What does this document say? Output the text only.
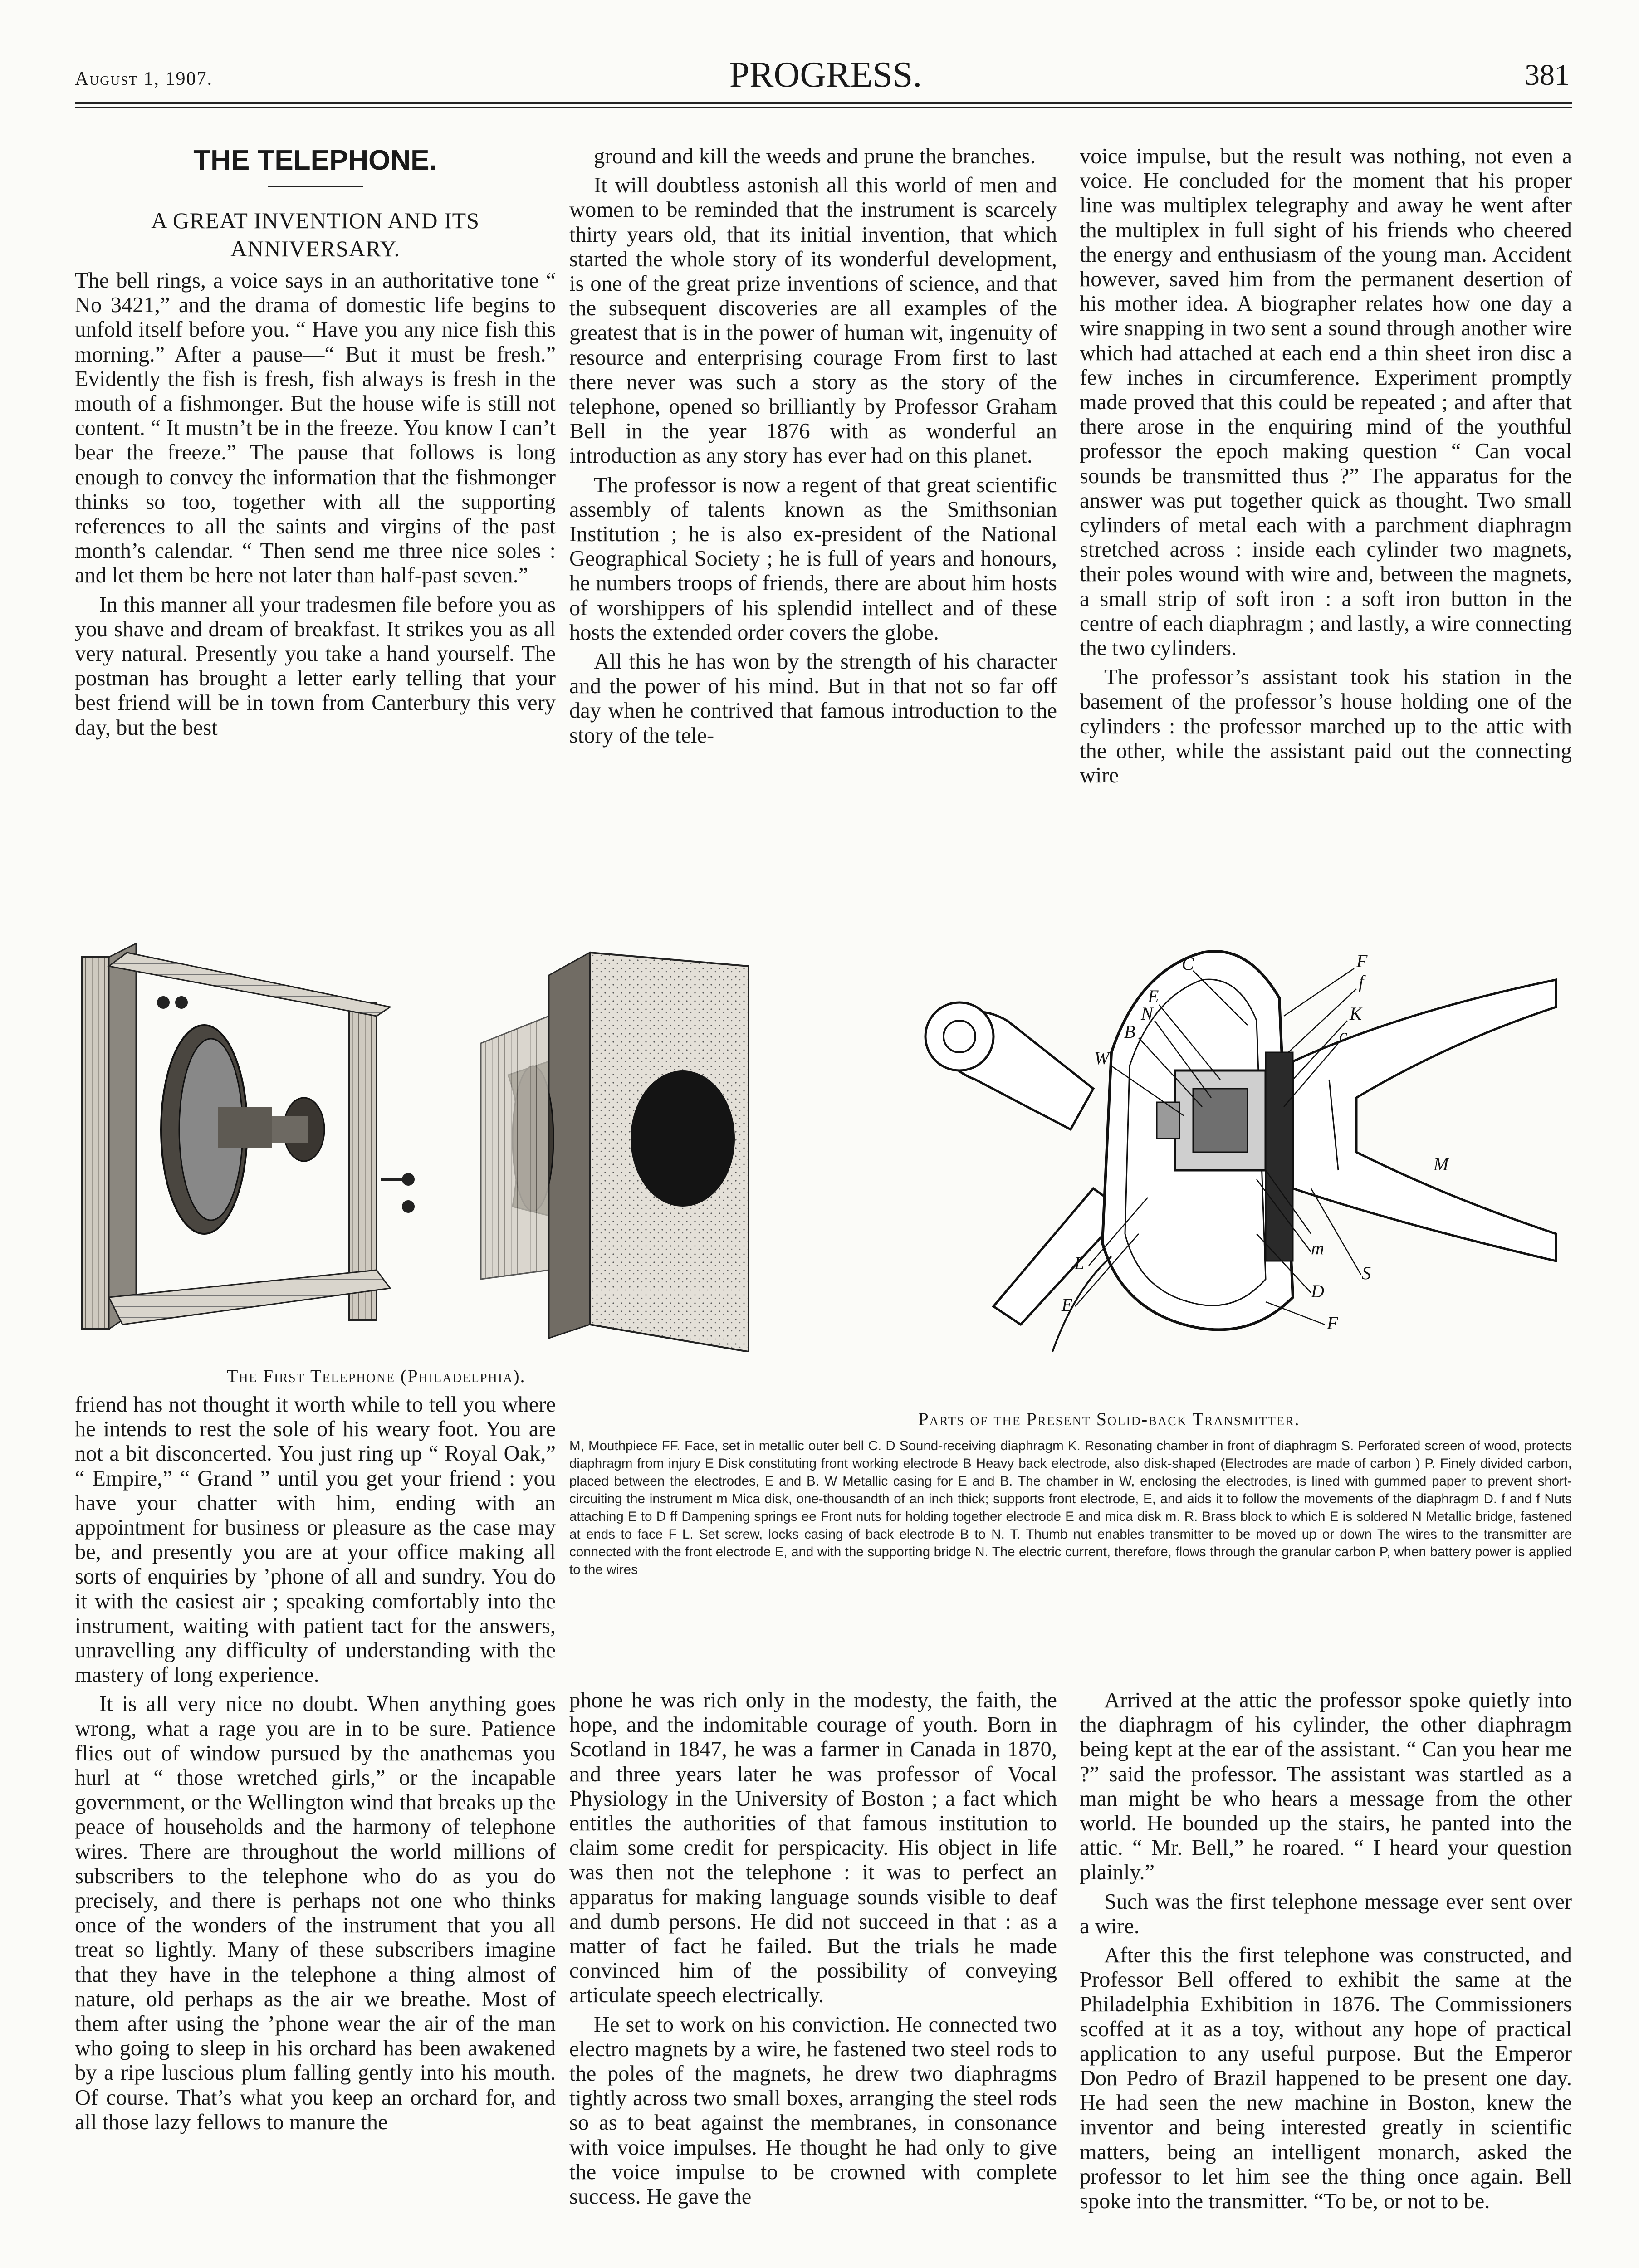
August 1, 1907.	PROGRESS.	381
THE TELEPHONE.
A GREAT INVENTION AND ITS ANNIVERSARY.

The bell rings, a voice says in an authoritative tone “ No 3421,” and the drama of domestic life begins to unfold itself before you. “ Have you any nice fish this morning.” After a pause—“ But it must be fresh.” Evidently the fish is fresh, fish always is fresh in the mouth of a fishmonger. But the house wife is still not content. “ It mustn’t be in the freeze. You know I can’t bear the freeze.” The pause that follows is long enough to convey the information that the fishmonger thinks so too, together with all the supporting references to all the saints and virgins of the past month’s calendar. “ Then send me three nice soles : and let them be here not later than half-past seven.”

In this manner all your tradesmen file before you as you shave and dream of breakfast. It strikes you as all very natural. Presently you take a hand yourself. The postman has brought a letter early telling that your best friend will be in town from Canterbury this very day, but the best

ground and kill the weeds and prune the branches.

It will doubtless astonish all this world of men and women to be reminded that the instrument is scarcely thirty years old, that its initial invention, that which started the whole story of its wonderful development, is one of the great prize inventions of science, and that the subsequent discoveries are all examples of the greatest that is in the power of human wit, ingenuity of resource and enterprising courage From first to last there never was such a story as the story of the telephone, opened so brilliantly by Professor Graham Bell in the year 1876 with as wonderful an introduction as any story has ever had on this planet.

The professor is now a regent of that great scientific assembly of talents known as the Smithsonian Institution ; he is also ex-president of the National Geographical Society ; he is full of years and honours, he numbers troops of friends, there are about him hosts of worshippers of his splendid intellect and of these hosts the extended order covers the globe.

All this he has won by the strength of his character and the power of his mind. But in that not so far off day when he contrived that famous introduction to the story of the tele-

voice impulse, but the result was nothing, not even a voice. He concluded for the moment that his proper line was multiplex telegraphy and away he went after the multiplex in full sight of his friends who cheered the energy and enthusiasm of the young man. Accident however, saved him from the permanent desertion of his mother idea. A biographer relates how one day a wire snapping in two sent a sound through another wire which had attached at each end a thin sheet iron disc a few inches in circumference. Experiment promptly made proved that this could be repeated ; and after that there arose in the enquiring mind of the youthful professor the epoch making question “ Can vocal sounds be transmitted thus ?” The apparatus for the answer was put together quick as thought. Two small cylinders of metal each with a parchment diaphragm stretched across : inside each cylinder two magnets, their poles wound with wire and, between the magnets, a small strip of soft iron : a soft iron button in the centre of each diaphragm ; and lastly, a wire connecting the two cylinders.

The professor’s assistant took his station in the basement of the professor’s house holding one of the cylinders : the professor marched up to the attic with the other, while the assistant paid out the connecting wire

The First Telephone (Philadelphia).
C
E
N
B
W
F
f
K
c
M
m
S
D
L
E
F
Parts of the Present Solid-back Transmitter.

M, Mouthpiece FF. Face, set in metallic outer bell C. D Sound-receiving diaphragm K. Resonating chamber in front of diaphragm S. Perforated screen of wood, protects diaphragm from injury E Disk constituting front working electrode B Heavy back electrode, also disk-shaped (Electrodes are made of carbon ) P. Finely divided carbon, placed between the electrodes, E and B. W Metallic casing for E and B. The chamber in W, enclosing the electrodes, is lined with gummed paper to prevent short-circuiting the instrument m Mica disk, one-thousandth of an inch thick; supports front electrode, E, and aids it to follow the movements of the diaphragm D. f and f Nuts attaching E to D ff Dampening springs ee Front nuts for holding together electrode E and mica disk m. R. Brass block to which E is soldered N Metallic bridge, fastened at ends to face F L. Set screw, locks casing of back electrode B to N. T. Thumb nut enables transmitter to be moved up or down The wires to the transmitter are connected with the front electrode E, and with the supporting bridge N. The electric current, therefore, flows through the granular carbon P, when battery power is applied to the wires

friend has not thought it worth while to tell you where he intends to rest the sole of his weary foot. You are not a bit disconcerted. You just ring up “ Royal Oak,” “ Empire,” “ Grand ” until you get your friend : you have your chatter with him, ending with an appointment for business or pleasure as the case may be, and presently you are at your office making all sorts of enquiries by ’phone of all and sundry. You do it with the easiest air ; speaking comfortably into the instrument, waiting with patient tact for the answers, unravelling any difficulty of understanding with the mastery of long experience.

It is all very nice no doubt. When anything goes wrong, what a rage you are in to be sure. Patience flies out of window pursued by the anathemas you hurl at “ those wretched girls,” or the incapable government, or the Wellington wind that breaks up the peace of households and the harmony of telephone wires. There are throughout the world millions of subscribers to the telephone who do as you do precisely, and there is perhaps not one who thinks once of the wonders of the instrument that you all treat so lightly. Many of these subscribers imagine that they have in the telephone a thing almost of nature, old perhaps as the air we breathe. Most of them after using the ’phone wear the air of the man who going to sleep in his orchard has been awakened by a ripe luscious plum falling gently into his mouth. Of course. That’s what you keep an orchard for, and all those lazy fellows to manure the

phone he was rich only in the modesty, the faith, the hope, and the indomitable courage of youth. Born in Scotland in 1847, he was a farmer in Canada in 1870, and three years later he was professor of Vocal Physiology in the University of Boston ; a fact which entitles the authorities of that famous institution to claim some credit for perspicacity. His object in life was then not the telephone : it was to perfect an apparatus for making language sounds visible to deaf and dumb persons. He did not succeed in that : as a matter of fact he failed. But the trials he made convinced him of the possibility of conveying articulate speech electrically.

He set to work on his conviction. He connected two electro magnets by a wire, he fastened two steel rods to the poles of the magnets, he drew two diaphragms tightly across two small boxes, arranging the steel rods so as to beat against the membranes, in consonance with voice impulses. He thought he had only to give the voice impulse to be crowned with complete success. He gave the

Arrived at the attic the professor spoke quietly into the diaphragm of his cylinder, the other diaphragm being kept at the ear of the assistant. “ Can you hear me ?” said the professor. The assistant was startled as a man might be who hears a message from the other world. He bounded up the stairs, he panted into the attic. “ Mr. Bell,” he roared. “ I heard your question plainly.”

Such was the first telephone message ever sent over a wire.

After this the first telephone was constructed, and Professor Bell offered to exhibit the same at the Philadelphia Exhibition in 1876. The Commissioners scoffed at it as a toy, without any hope of practical application to any useful purpose. But the Emperor Don Pedro of Brazil happened to be present one day. He had seen the new machine in Boston, knew the inventor and being interested greatly in scientific matters, being an intelligent monarch, asked the professor to let him see the thing once again. Bell spoke into the transmitter. “To be, or not to be.
